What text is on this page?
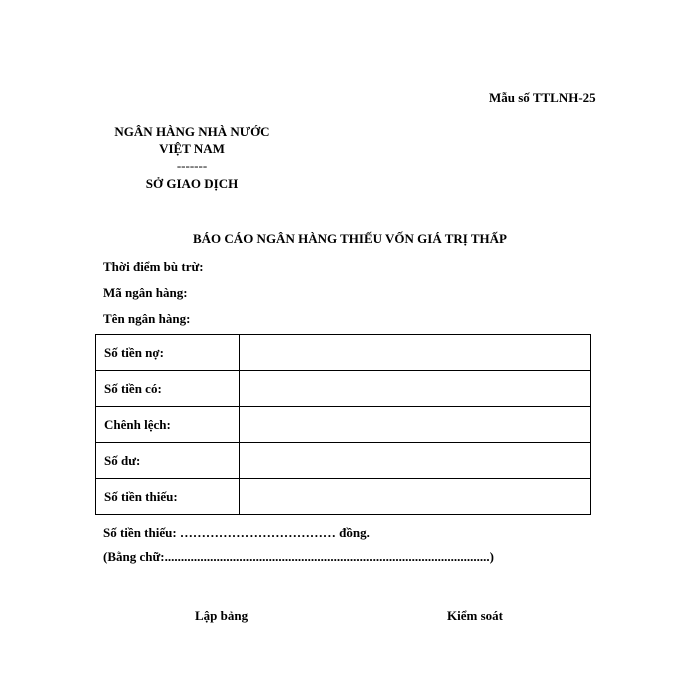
Mẫu số TTLNH-25
NGÂN HÀNG NHÀ NƯỚC
VIỆT NAM
-------
SỞ GIAO DỊCH
BÁO CÁO NGÂN HÀNG THIẾU VỐN GIÁ TRỊ THẤP
Thời điểm bù trừ:
Mã ngân hàng:
Tên ngân hàng:
Số tiền nợ:	
Số tiền có:	
Chênh lệch:	
Số dư:	
Số tiền thiếu:	
Số tiền thiếu: ……………………………… đồng.
(Bằng chữ:....................................................................................................)
Lập bảng	Kiểm soát
